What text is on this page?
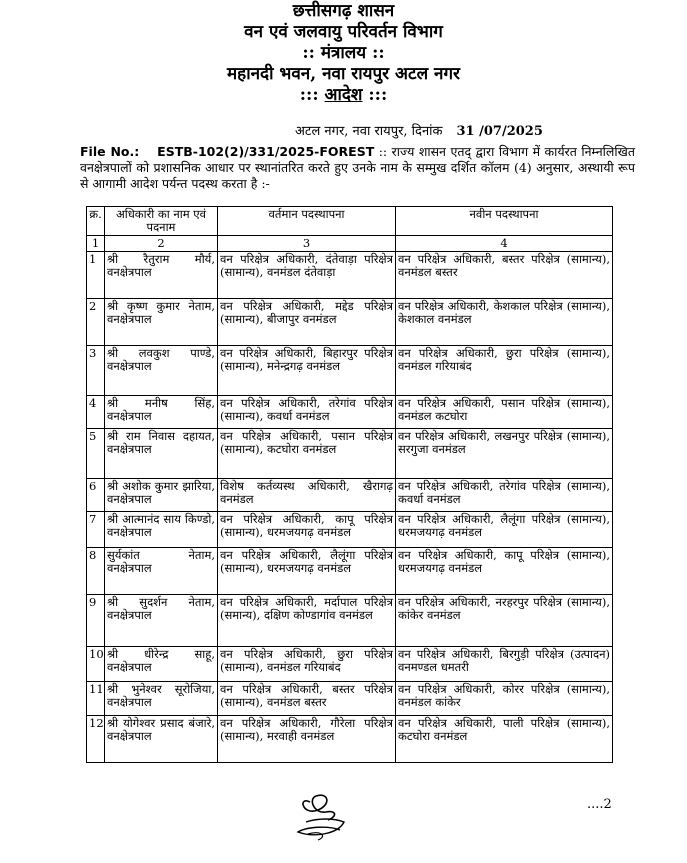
छत्तीसगढ़ शासन
वन एवं जलवायु परिवर्तन विभाग
:: मंत्रालय ::
महानदी भवन, नवा रायपुर अटल नगर
::: आदेश :::
अटल नगर, नवा रायपुर, दिनांक 31 /07/2025
File No.: ESTB-102(2)/331/2025-FOREST :: राज्य शासन एतद् द्वारा विभाग में कार्यरत निम्नलिखित वनक्षेत्रपालों को प्रशासनिक आधार पर स्थानांतरित करते हुए उनके नाम के सम्मुख दर्शित कॉलम (4) अनुसार, अस्थायी रूप से आगामी आदेश पर्यन्त पदस्थ करता है :-
क्र.	अधिकारी का नाम एवं पदनाम	वर्तमान पदस्थापना	नवीन पदस्थापना
1	2	3	4
1	श्री रैतुराम मौर्य, वनक्षेत्रपाल	वन परिक्षेत्र अधिकारी, दंतेवाड़ा परिक्षेत्र (सामान्य), वनमंडल दंतेवाड़ा	वन परिक्षेत्र अधिकारी, बस्तर परिक्षेत्र (सामान्य), वनमंडल बस्तर
2	श्री कृष्ण कुमार नेताम, वनक्षेत्रपाल	वन परिक्षेत्र अधिकारी, मद्देड परिक्षेत्र (सामान्य), बीजापुर वनमंडल	वन परिक्षेत्र अधिकारी, केशकाल परिक्षेत्र (सामान्य), केशकाल वनमंडल
3	श्री लवकुश पाण्डे, वनक्षेत्रपाल	वन परिक्षेत्र अधिकारी, बिहारपुर परिक्षेत्र (सामान्य), मनेन्द्रगढ़ वनमंडल	वन परिक्षेत्र अधिकारी, छुरा परिक्षेत्र (सामान्य), वनमंडल गरियाबंद
4	श्री मनीष सिंह, वनक्षेत्रपाल	वन परिक्षेत्र अधिकारी, तरेगांव परिक्षेत्र (सामान्य), कवर्धा वनमंडल	वन परिक्षेत्र अधिकारी, पसान परिक्षेत्र (सामान्य), वनमंडल कटघोरा
5	श्री राम निवास दहायत, वनक्षेत्रपाल	वन परिक्षेत्र अधिकारी, पसान परिक्षेत्र (सामान्य), कटघोरा वनमंडल	वन परिक्षेत्र अधिकारी, लखनपुर परिक्षेत्र (सामान्य), सरगुजा वनमंडल
6	श्री अशोक कुमार झारिया, वनक्षेत्रपाल	विशेष कर्तव्यस्थ अधिकारी, खैरागढ़ वनमंडल	वन परिक्षेत्र अधिकारी, तरेगांव परिक्षेत्र (सामान्य), कवर्धा वनमंडल
7	श्री आत्मानंद साय किण्डो, वनक्षेत्रपाल	वन परिक्षेत्र अधिकारी, कापू परिक्षेत्र (सामान्य), धरमजयगढ़ वनमंडल	वन परिक्षेत्र अधिकारी, लैलूंगा परिक्षेत्र (सामान्य), धरमजयगढ़ वनमंडल
8	सुर्यकांत नेताम, वनक्षेत्रपाल	वन परिक्षेत्र अधिकारी, लैलूंगा परिक्षेत्र (सामान्य), धरमजयगढ़ वनमंडल	वन परिक्षेत्र अधिकारी, कापू परिक्षेत्र (सामान्य), धरमजयगढ़ वनमंडल
9	श्री सुदर्शन नेताम, वनक्षेत्रपाल	वन परिक्षेत्र अधिकारी, मर्दापाल परिक्षेत्र (समान्य), दक्षिण कोण्डागांव वनमंडल	वन परिक्षेत्र अधिकारी, नरहरपुर परिक्षेत्र (सामान्य), कांकेर वनमंडल
10	श्री धीरेन्द्र साहू, वनक्षेत्रपाल	वन परिक्षेत्र अधिकारी, छुरा परिक्षेत्र (सामान्य), वनमंडल गरियाबंद	वन परिक्षेत्र अधिकारी, बिरगुड़ी परिक्षेत्र (उत्पादन) वनमण्डल धमतरी
11	श्री भुनेश्वर सूरोजिया, वनक्षेत्रपाल	वन परिक्षेत्र अधिकारी, बस्तर परिक्षेत्र (सामान्य), वनमंडल बस्तर	वन परिक्षेत्र अधिकारी, कोरर परिक्षेत्र (सामान्य), वनमंडल कांकेर
12	श्री योगेश्वर प्रसाद बंजारे, वनक्षेत्रपाल	वन परिक्षेत्र अधिकारी, गौरेला परिक्षेत्र (सामान्य), मरवाही वनमंडल	वन परिक्षेत्र अधिकारी, पाली परिक्षेत्र (सामान्य), कटघोरा वनमंडल
....2
